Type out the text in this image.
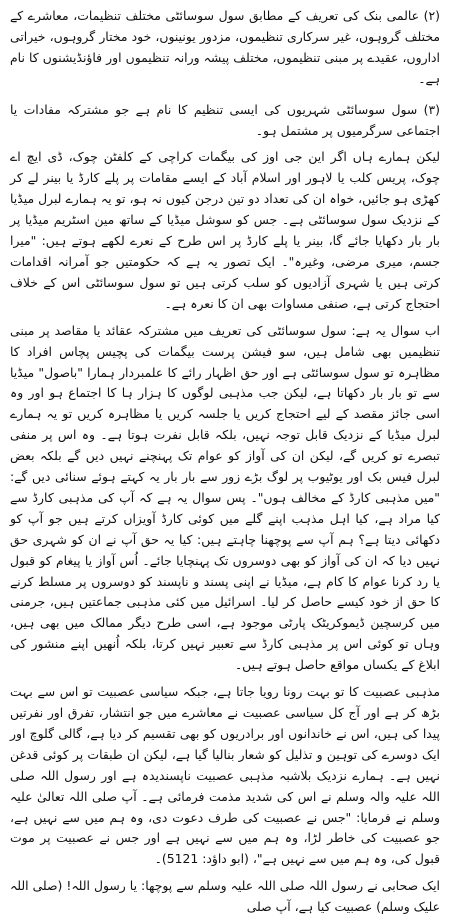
(۲) عالمی بنک کی تعریف کے مطابق سول سوسائٹی مختلف تنظیمات، معاشرے کے مختلف گروہوں، غیر سرکاری تنظیموں، مزدور یونینوں، خود مختار گروہوں، خیراتی اداروں، عقیدے پر مبنی تنظیموں، مختلف پیشہ ورانہ تنظیموں اور فاؤنڈیشنوں کا نام ہے۔

(۳) سول سوسائٹی شہریوں کی ایسی تنظیم کا نام ہے جو مشترکہ مفادات یا اجتماعی سرگرمیوں پر مشتمل ہو۔

لیکن ہمارے ہاں اگر این جی اوز کی بیگمات کراچی کے کلفٹن چوک، ڈی ایچ اے چوک، پریس کلب یا لاہور اور اسلام آباد کے ایسے مقامات پر پلے کارڈ یا بینر لے کر کھڑی ہو جائیں، خواہ ان کی تعداد دو تین درجن کیوں نہ ہو، تو یہ ہمارے لبرل میڈیا کے نزدیک سول سوسائٹی ہے۔ جس کو سوشل میڈیا کے ساتھ مین اسٹریم میڈیا پر بار بار دکھایا جائے گا، بینر یا پلے کارڈ پر اس طرح کے نعرے لکھے ہوتے ہیں: "میرا جسم، میری مرضی، وغیرہ"۔ ایک تصور یہ ہے کہ حکومتیں جو آمرانہ اقدامات کرتی ہیں یا شہری آزادیوں کو سلب کرتی ہیں تو سول سوسائٹی اس کے خلاف احتجاج کرتی ہے، صنفی مساوات بھی ان کا نعرہ ہے۔

اب سوال یہ ہے: سول سوسائٹی کی تعریف میں مشترکہ عقائد یا مقاصد پر مبنی تنظیمیں بھی شامل ہیں، سو فیشن پرست بیگمات کی پچیس پچاس افراد کا مظاہرہ تو سول سوسائٹی ہے اور حق اظہار رائے کا علمبردار ہمارا "باصول" میڈیا سے تو بار بار دکھاتا ہے، لیکن جب مذہبی لوگوں کا ہزار ہا کا اجتماع ہو اور وہ اسی جائز مقصد کے لیے احتجاج کریں یا جلسہ کریں یا مظاہرہ کریں تو یہ ہمارے لبرل میڈیا کے نزدیک قابل توجہ نہیں، بلکہ قابل نفرت ہوتا ہے۔ وہ اس پر منفی تبصرے تو کریں گے، لیکن ان کی آواز کو عوام تک پہنچنے نہیں دیں گے بلکہ بعض لبرل فیس بک اور یوٹیوب پر لوگ بڑے زور سے بار بار یہ کہتے ہوئے سنائی دیں گے: "میں مذہبی کارڈ کے مخالف ہوں"۔ پس سوال یہ ہے کہ آپ کی مذہبی کارڈ سے کیا مراد ہے، کیا اہل مذہب اپنے گلے میں کوئی کارڈ آویزاں کرتے ہیں جو آپ کو دکھائی دیتا ہے؟ ہم آپ سے پوچھنا چاہتے ہیں: کیا یہ حق آپ نے ان کو شہری حق نہیں دیا کہ ان کی آواز کو بھی دوسروں تک پہنچایا جائے۔ اُس آواز یا پیغام کو قبول یا رد کرنا عوام کا کام ہے، میڈیا نے اپنی پسند و ناپسند کو دوسروں پر مسلط کرنے کا حق از خود کیسے حاصل کر لیا۔ اسرائیل میں کئی مذہبی جماعتیں ہیں، جرمنی میں کرسچین ڈیموکریٹک پارٹی موجود ہے، اسی طرح دیگر ممالک میں بھی ہیں، وہاں تو کوئی اس پر مذہبی کارڈ سے تعبیر نہیں کرتا، بلکہ اُنھیں اپنے منشور کی ابلاغ کے یکساں مواقع حاصل ہوتے ہیں۔

مذہبی عصبیت کا تو بہت رونا رویا جاتا ہے، جبکہ سیاسی عصبیت تو اس سے بہت بڑھ کر ہے اور آج کل سیاسی عصبیت نے معاشرے میں جو انتشار، تفرق اور نفرتیں پیدا کی ہیں، اس نے خاندانوں اور برادریوں کو بھی تقسیم کر دیا ہے، گالی گلوچ اور ایک دوسرے کی توہین و تذلیل کو شعار بنالیا گیا ہے، لیکن ان طبقات پر کوئی قدغن نہیں ہے۔ ہمارے نزدیک بلاشبہ مذہبی عصبیت ناپسندیدہ ہے اور رسول اللہ صلی اللہ علیہ والہ وسلم نے اس کی شدید مذمت فرمائی ہے۔ آپ صلی اللہ تعالیٰ علیہ وسلم نے فرمایا: "جس نے عصبیت کی طرف دعوت دی، وہ ہم میں سے نہیں ہے، جو عصبیت کی خاطر لڑا، وہ ہم میں سے نہیں ہے اور جس نے عصبیت پر موت قبول کی، وہ ہم میں سے نہیں ہے"، (ابو داؤد: 5121)۔

ایک صحابی نے رسول اللہ صلی اللہ علیہ وسلم سے پوچھا: یا رسول اللہ! (صلی اللہ علیک وسلم) عصبیت کیا ہے، آپ صلی
